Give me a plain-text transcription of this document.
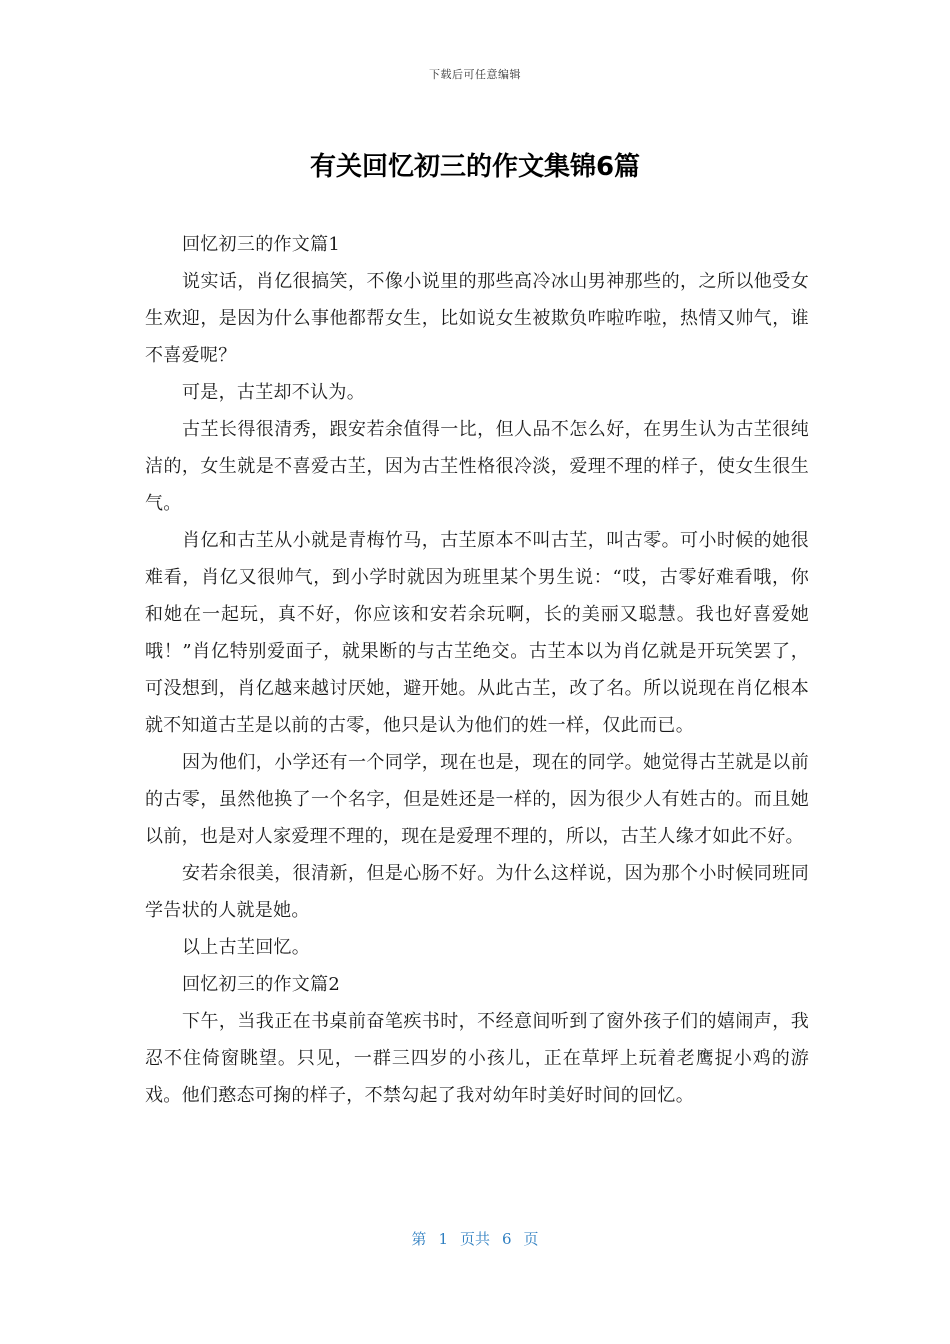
下载后可任意编辑
有关回忆初三的作文集锦6篇

回忆初三的作文篇1

说实话，肖亿很搞笑，不像小说里的那些高冷冰山男神那些的，之所以他受女生欢迎，是因为什么事他都帮女生，比如说女生被欺负咋啦咋啦，热情又帅气，谁不喜爱呢？

可是，古芏却不认为。

古芏长得很清秀，跟安若余值得一比，但人品不怎么好，在男生认为古芏很纯洁的，女生就是不喜爱古芏，因为古芏性格很冷淡，爱理不理的样子，使女生很生气。

肖亿和古芏从小就是青梅竹马，古芏原本不叫古芏，叫古零。可小时候的她很难看，肖亿又很帅气，到小学时就因为班里某个男生说：“哎，古零好难看哦，你和她在一起玩，真不好，你应该和安若余玩啊，长的美丽又聪慧。我也好喜爱她哦！”肖亿特别爱面子，就果断的与古芏绝交。古芏本以为肖亿就是开玩笑罢了，可没想到，肖亿越来越讨厌她，避开她。从此古芏，改了名。所以说现在肖亿根本就不知道古芏是以前的古零，他只是认为他们的姓一样，仅此而已。

因为他们，小学还有一个同学，现在也是，现在的同学。她觉得古芏就是以前的古零，虽然他换了一个名字，但是姓还是一样的，因为很少人有姓古的。而且她以前，也是对人家爱理不理的，现在是爱理不理的，所以，古芏人缘才如此不好。

安若余很美，很清新，但是心肠不好。为什么这样说，因为那个小时候同班同学告状的人就是她。

以上古芏回忆。

回忆初三的作文篇2

下午，当我正在书桌前奋笔疾书时，不经意间听到了窗外孩子们的嬉闹声，我忍不住倚窗眺望。只见，一群三四岁的小孩儿，正在草坪上玩着老鹰捉小鸡的游戏。他们憨态可掬的样子，不禁勾起了我对幼年时美好时间的回忆。

第 1 页共 6 页
